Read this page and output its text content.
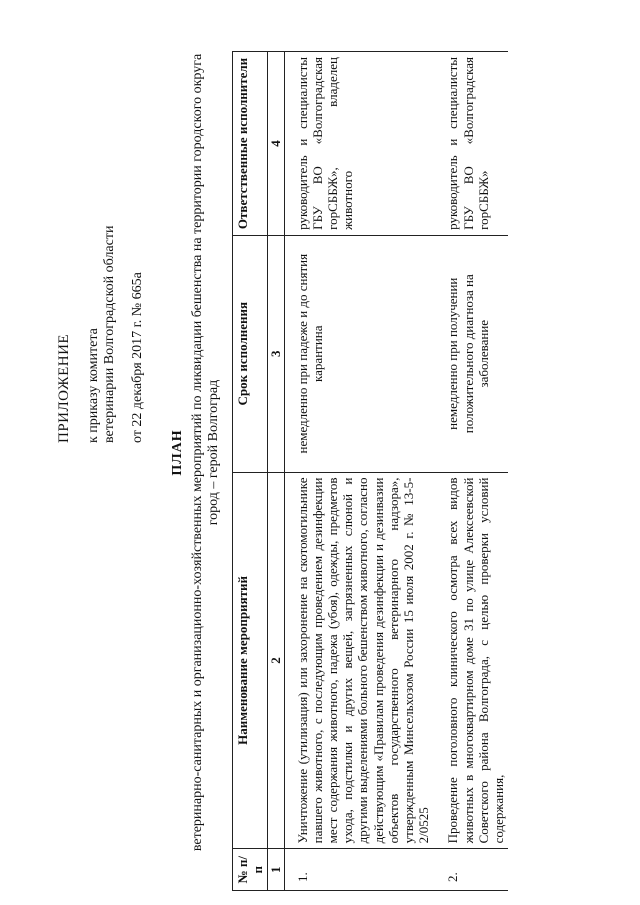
ПРИЛОЖЕНИЕ к приказу комитета ветеринарии Волгоградской области от 22 декабря 2017 г. № 665а
ПЛАН ветеринарно-санитарных и организационно-хозяйственных мероприятий по ликвидации бешенства на территории городского округа город – герой Волгоград
№ п/п	Наименование мероприятий	Срок исполнения	Ответственные исполнители
1	2	3	4
1.	Уничтожение (утилизация) или захоронение на скотомогильнике павшего животного, с последующим проведением дезинфекции мест содержания животного, падежа (убоя), одежды, предметов ухода, подстилки и других вещей, загрязненных слюной и другими выделениями больного бешенством животного, согласно действующим «Правилам проведения дезинфекции и дезинвазии объектов государственного ветеринарного надзора», утвержденным Минсельхозом России 15 июля 2002 г. № 13-5-2/0525	немедленно при падеже и до снятия карантина	руководитель и специалисты ГБУ ВО «Волгоградская горСББЖ», владелец животного
2.	Проведение поголовного клинического осмотра всех видов животных в многоквартирном доме 31 по улице Алексеевской Советского района Волгограда, с целью проверки условий содержания,	немедленно при получении положительного диагноза на заболевание	руководитель и специалисты ГБУ ВО «Волгоградская горСББЖ»
